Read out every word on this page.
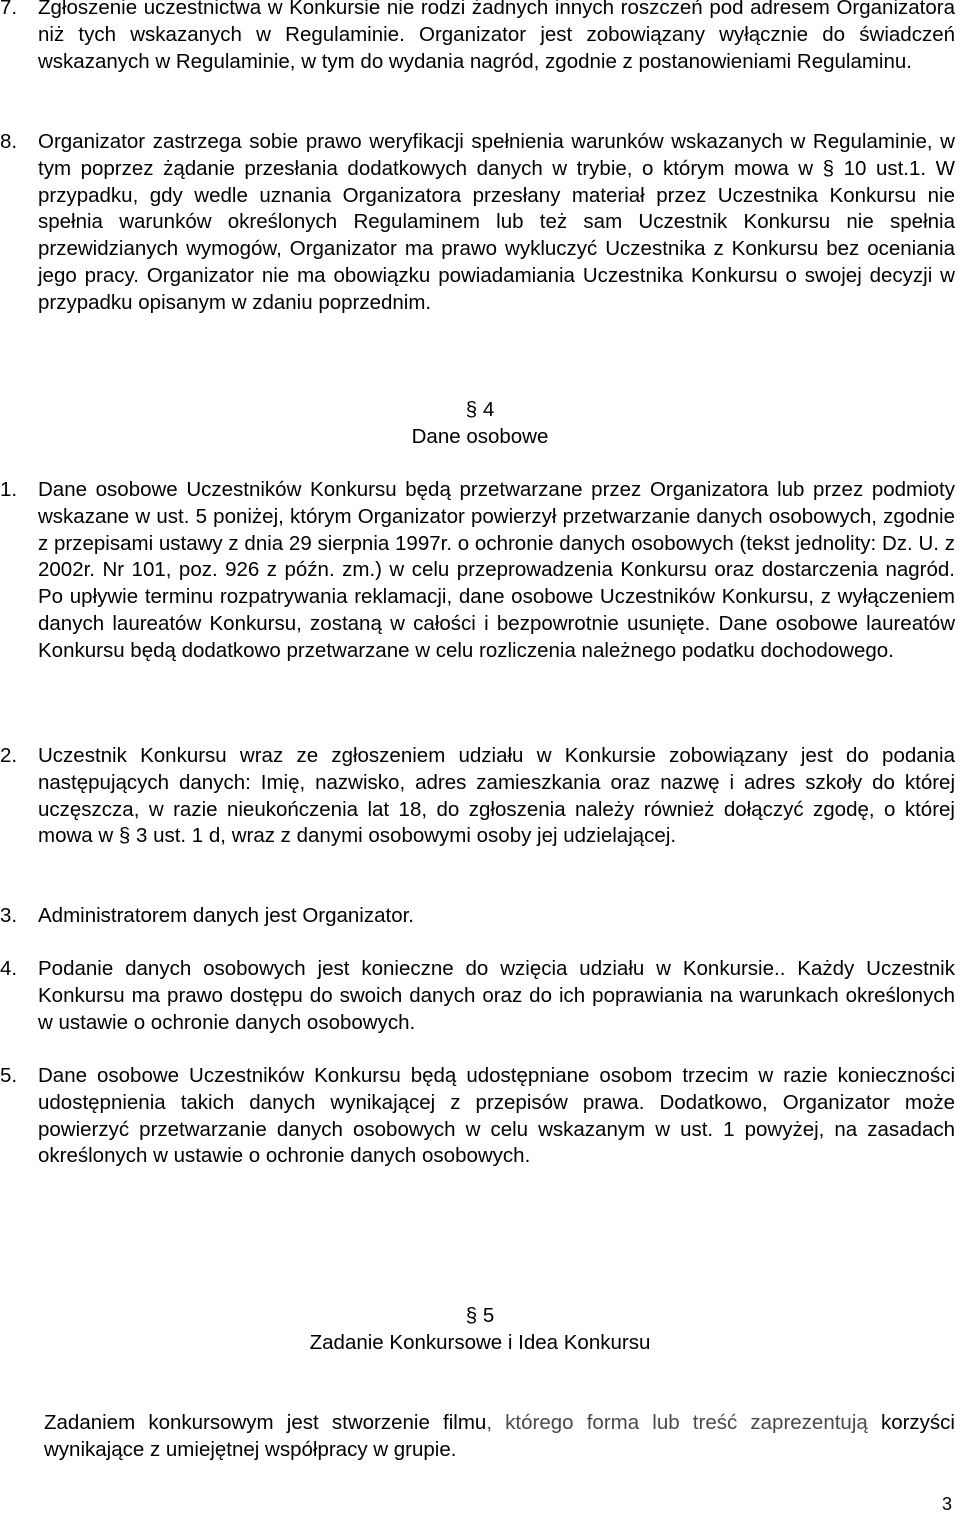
7.	Zgłoszenie uczestnictwa w Konkursie nie rodzi żadnych innych roszczeń pod adresem Organizatora niż tych wskazanych w Regulaminie. Organizator jest zobowiązany wyłącznie do świadczeń wskazanych w Regulaminie, w tym do wydania nagród, zgodnie z postanowieniami Regulaminu.
8.	Organizator zastrzega sobie prawo weryfikacji spełnienia warunków wskazanych w Regulaminie, w tym poprzez żądanie przesłania dodatkowych danych w trybie, o którym mowa w § 10 ust.1. W przypadku, gdy wedle uznania Organizatora przesłany materiał przez Uczestnika Konkursu nie spełnia warunków określonych Regulaminem lub też sam Uczestnik Konkursu nie spełnia przewidzianych wymogów, Organizator ma prawo wykluczyć Uczestnika z Konkursu bez oceniania jego pracy. Organizator nie ma obowiązku powiadamiania Uczestnika Konkursu o swojej decyzji w przypadku opisanym w zdaniu poprzednim.
§ 4
Dane osobowe
1.	Dane osobowe Uczestników Konkursu będą przetwarzane przez Organizatora lub przez podmioty wskazane w ust. 5 poniżej, którym Organizator powierzył przetwarzanie danych osobowych, zgodnie z przepisami ustawy z dnia 29 sierpnia 1997r. o ochronie danych osobowych (tekst jednolity: Dz. U. z 2002r. Nr 101, poz. 926 z późn. zm.) w celu przeprowadzenia Konkursu oraz dostarczenia nagród. Po upływie terminu rozpatrywania reklamacji, dane osobowe Uczestników Konkursu, z wyłączeniem danych laureatów Konkursu, zostaną w całości i bezpowrotnie usunięte. Dane osobowe laureatów Konkursu będą dodatkowo przetwarzane w celu rozliczenia należnego podatku dochodowego.
2.	Uczestnik Konkursu wraz ze zgłoszeniem udziału w Konkursie zobowiązany jest do podania następujących danych: Imię, nazwisko, adres zamieszkania oraz nazwę i adres szkoły do której uczęszcza, w razie nieukończenia lat 18, do zgłoszenia należy również dołączyć zgodę, o której mowa w § 3 ust. 1 d, wraz z danymi osobowymi osoby jej udzielającej.
3.	Administratorem danych jest Organizator.
4.	Podanie danych osobowych jest konieczne do wzięcia udziału w Konkursie.. Każdy Uczestnik Konkursu ma prawo dostępu do swoich danych oraz do ich poprawiania na warunkach określonych w ustawie o ochronie danych osobowych.
5.	Dane osobowe Uczestników Konkursu będą udostępniane osobom trzecim w razie konieczności udostępnienia takich danych wynikającej z przepisów prawa. Dodatkowo, Organizator może powierzyć przetwarzanie danych osobowych w celu wskazanym w ust. 1 powyżej, na zasadach określonych w ustawie o ochronie danych osobowych.
§ 5
Zadanie Konkursowe i Idea Konkursu
Zadaniem konkursowym jest stworzenie filmu, którego forma lub treść zaprezentują korzyści wynikające z umiejętnej współpracy w grupie.
3
